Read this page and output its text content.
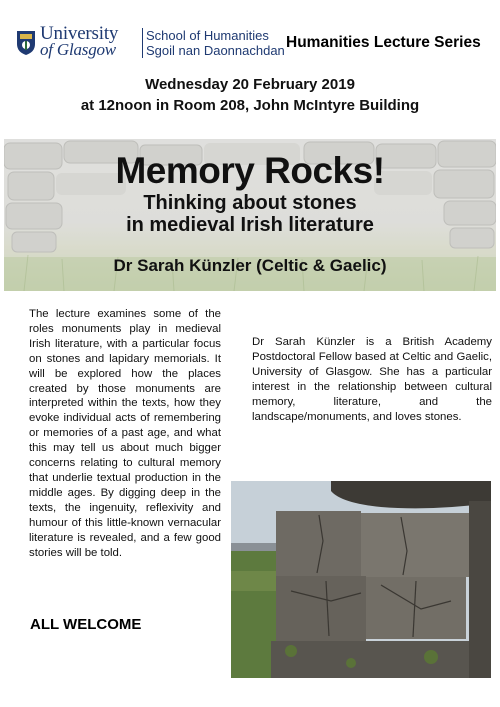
University
of Glasgow
School of Humanities
Sgoil nan Daonnachdan Humanities Lecture Series
Wednesday 20 February 2019
at 12noon in Room 208, John McIntyre Building
Memory Rocks!
Thinking about stones
in medieval Irish literature
Dr Sarah Künzler (Celtic & Gaelic)

The lecture examines some of the roles monuments play in medieval Irish literature, with a particular focus on stones and lapidary memorials. It will be explored how the places created by those monuments are interpreted within the texts, how they evoke individual acts of remembering or memories of a past age, and what this may tell us about much bigger concerns relating to cultural memory that underlie textual production in the middle ages. By digging deep in the texts, the ingenuity, reflexivity and humour of this little-known vernacular literature is revealed, and a few good stories will be told.

Dr Sarah Künzler is a British Academy Postdoctoral Fellow based at Celtic and Gaelic, University of Glasgow. She has a particular interest in the relationship between cultural memory, literature, and the landscape/monuments, and loves stones.

ALL WELCOME
